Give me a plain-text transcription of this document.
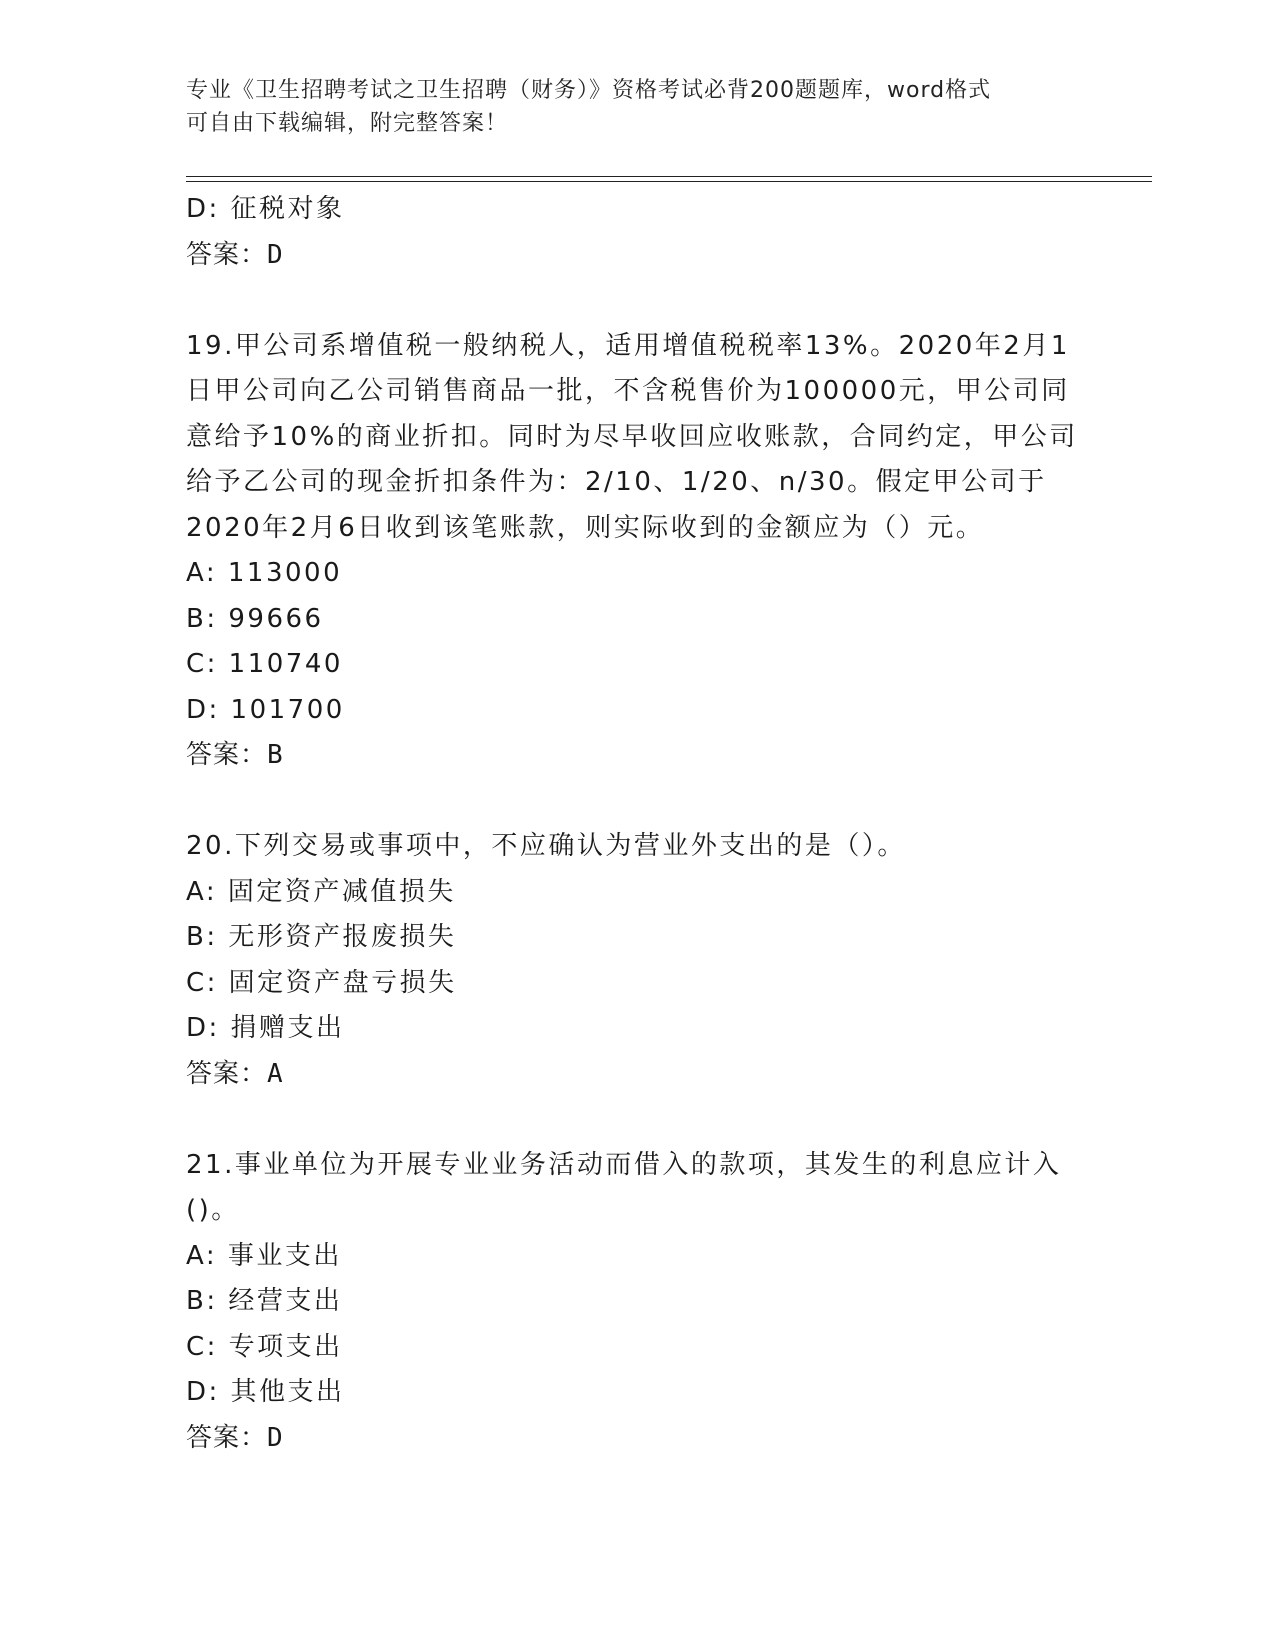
专业《卫生招聘考试之卫生招聘（财务）》资格考试必背200题题库，word格式
可自由下载编辑，附完整答案！
D: 征税对象
答案：D
19.甲公司系增值税一般纳税人，适用增值税税率13%。2020年2月1
日甲公司向乙公司销售商品一批，不含税售价为100000元，甲公司同
意给予10%的商业折扣。同时为尽早收回应收账款，合同约定，甲公司
给予乙公司的现金折扣条件为：2/10、1/20、n/30。假定甲公司于
2020年2月6日收到该笔账款，则实际收到的金额应为（）元。
A: 113000
B: 99666
C: 110740
D: 101700
答案：B
20.下列交易或事项中，不应确认为营业外支出的是（）。
A: 固定资产减值损失
B: 无形资产报废损失
C: 固定资产盘亏损失
D: 捐赠支出
答案：A
21.事业单位为开展专业业务活动而借入的款项，其发生的利息应计入
()。
A: 事业支出
B: 经营支出
C: 专项支出
D: 其他支出
答案：D
